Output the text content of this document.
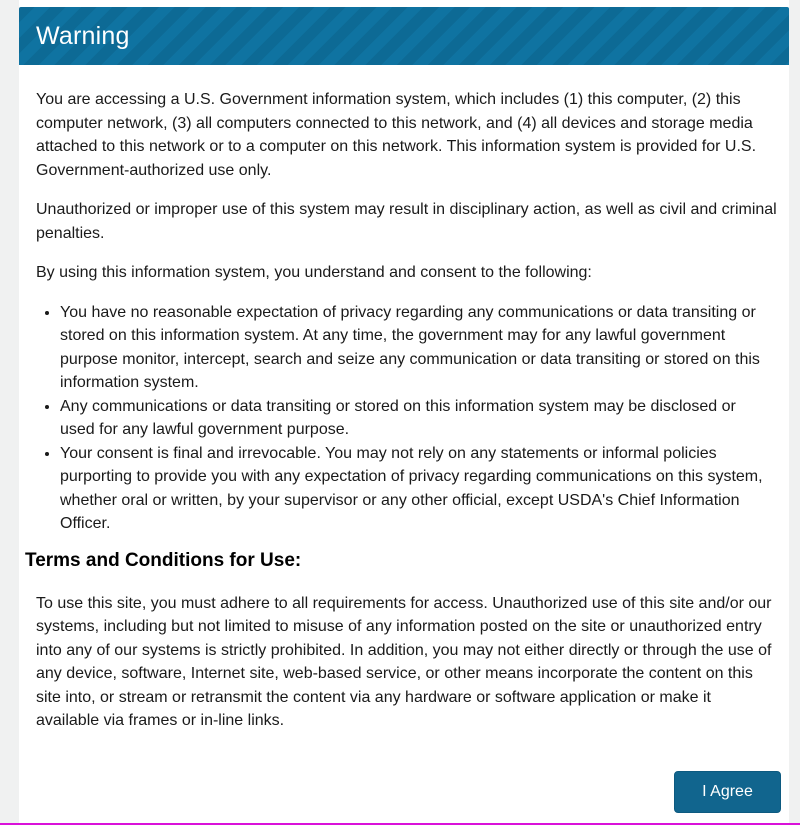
Warning

You are accessing a U.S. Government information system, which includes (1) this computer, (2) this computer network, (3) all computers connected to this network, and (4) all devices and storage media attached to this network or to a computer on this network. This information system is provided for U.S. Government-authorized use only.

Unauthorized or improper use of this system may result in disciplinary action, as well as civil and criminal penalties.

By using this information system, you understand and consent to the following:

• You have no reasonable expectation of privacy regarding any communications or data transiting or stored on this information system. At any time, the government may for any lawful government purpose monitor, intercept, search and seize any communication or data transiting or stored on this information system.
• Any communications or data transiting or stored on this information system may be disclosed or used for any lawful government purpose.
• Your consent is final and irrevocable. You may not rely on any statements or informal policies purporting to provide you with any expectation of privacy regarding communications on this system, whether oral or written, by your supervisor or any other official, except USDA's Chief Information Officer.
Terms and Conditions for Use:

To use this site, you must adhere to all requirements for access. Unauthorized use of this site and/or our systems, including but not limited to misuse of any information posted on the site or unauthorized entry into any of our systems is strictly prohibited. In addition, you may not either directly or through the use of any device, software, Internet site, web-based service, or other means incorporate the content on this site into, or stream or retransmit the content via any hardware or software application or make it available via frames or in-line links.

I Agree
